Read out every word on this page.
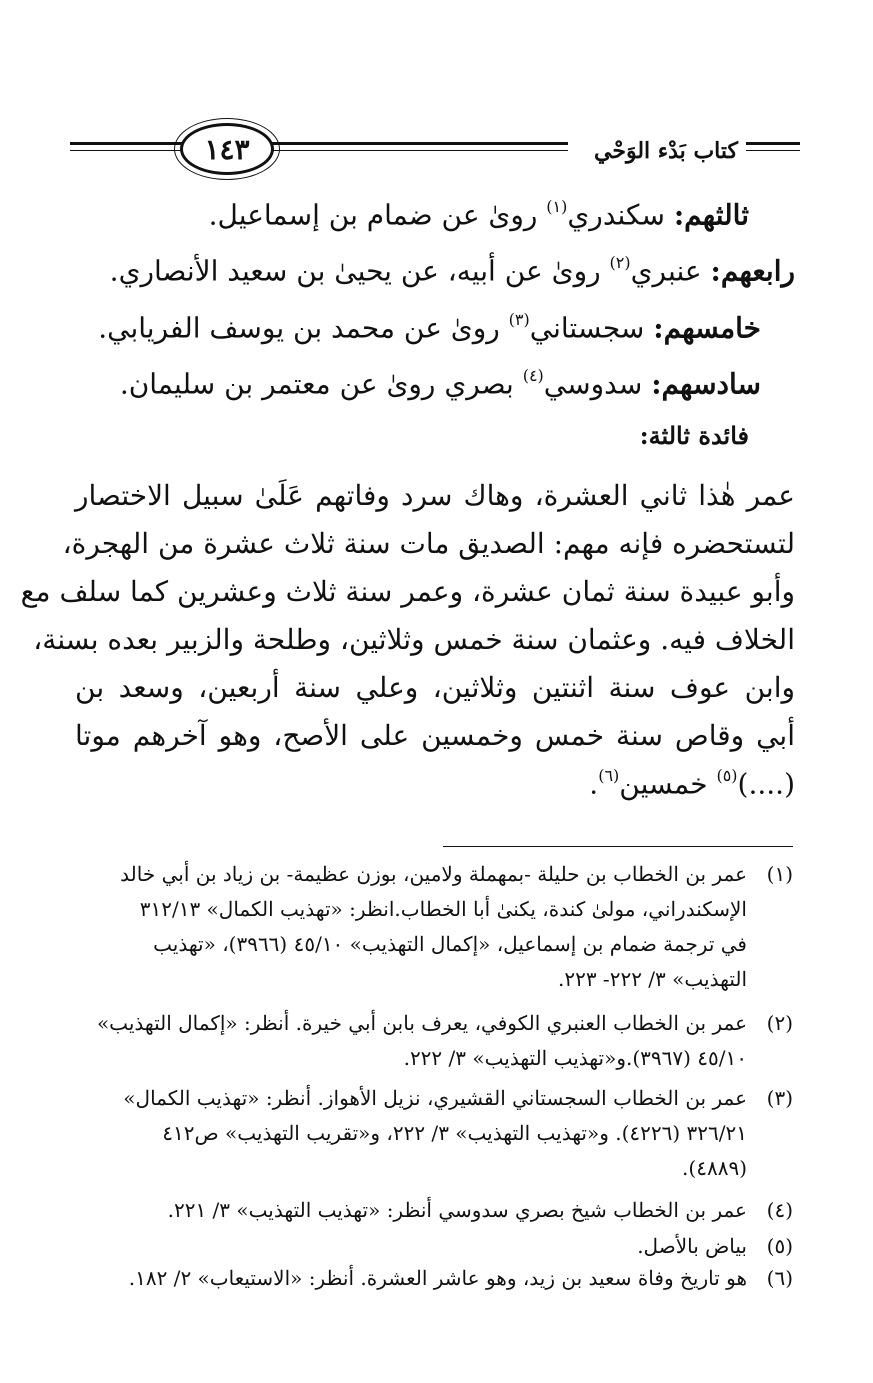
١٤٣	كتاب بَدْء الوَحْي
ثالثهم: سكندري$^{(١)}$ رویٰ عن ضمام بن إسماعيل.
رابعهم: عنبري$^{(٢)}$ رویٰ عن أبيه، عن يحيیٰ بن سعيد الأنصاري.
خامسهم: سجستاني$^{(٣)}$ رویٰ عن محمد بن يوسف الفريابي.
سادسهم: سدوسي$^{(٤)}$ بصري رویٰ عن معتمر بن سليمان.
فائدة ثالثة:
عمر هٰذا ثاني العشرة، وهاك سرد وفاتهم عَلَىٰ سبيل الاختصار
لتستحضره فإنه مهم: الصديق مات سنة ثلاث عشرة من الهجرة،
وأبو عبيدة سنة ثمان عشرة، وعمر سنة ثلاث وعشرين كما سلف مع
الخلاف فيه. وعثمان سنة خمس وثلاثين، وطلحة والزبير بعده بسنة،
وابن عوف سنة اثنتين وثلاثين، وعلي سنة أربعين، وسعد بن
أبي وقاص سنة خمس وخمسين على الأصح، وهو آخرهم موتا
(....)$^{(٥)}$ خمسين$^{(٦)}$.
(١)
عمر بن الخطاب بن حليلة -بمهملة ولامين، بوزن عظيمة- بن زياد بن أبي خالد
الإسكندراني، مولیٰ كندة، يكنیٰ أبا الخطاب.انظر: «تهذيب الكمال» ٣١٢/١٣
في ترجمة ضمام بن إسماعيل، «إكمال التهذيب» ٤٥/١٠ (٣٩٦٦)، «تهذيب
التهذيب» ٣/ ٢٢٢- ٢٢٣.
(٢)
عمر بن الخطاب العنبري الكوفي، يعرف بابن أبي خيرة. أنظر: «إكمال التهذيب»
٤٥/١٠ (٣٩٦٧).و«تهذيب التهذيب» ٣/ ٢٢٢.
(٣)
عمر بن الخطاب السجستاني القشيري، نزيل الأهواز. أنظر: «تهذيب الكمال»
٣٢٦/٢١ (٤٢٢٦). و«تهذيب التهذيب» ٣/ ٢٢٢، و«تقريب التهذيب» ص٤١٢
(٤٨٨٩).
(٤)
عمر بن الخطاب شيخ بصري سدوسي أنظر: «تهذيب التهذيب» ٣/ ٢٢١.
(٥)
بياض بالأصل.
(٦)
هو تاريخ وفاة سعيد بن زيد، وهو عاشر العشرة. أنظر: «الاستيعاب» ٢/ ١٨٢.
